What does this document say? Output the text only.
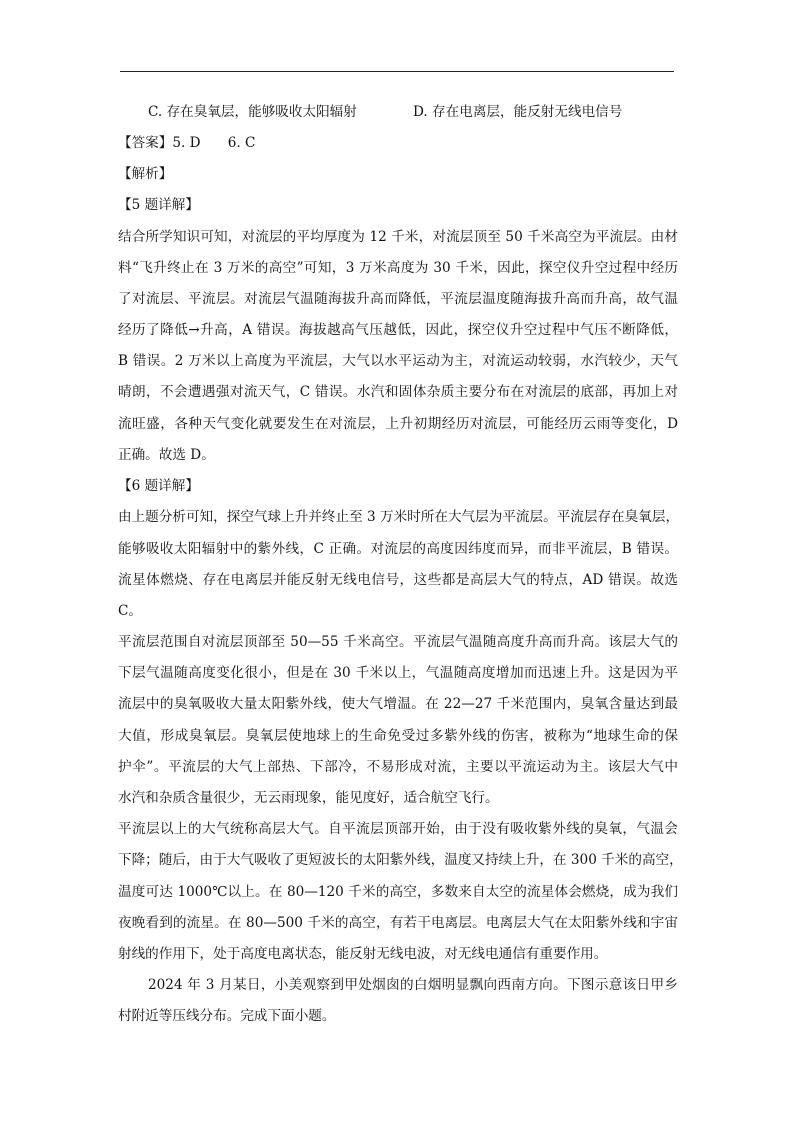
C. 存在臭氧层，能够吸收太阳辐射	D. 存在电离层，能反射无线电信号
【答案】5. D　　6. C
【解析】
【5 题详解】
结合所学知识可知，对流层的平均厚度为 12 千米，对流层顶至 50 千米高空为平流层。由材
料“飞升终止在 3 万米的高空”可知，3 万米高度为 30 千米，因此，探空仪升空过程中经历
了对流层、平流层。对流层气温随海拔升高而降低，平流层温度随海拔升高而升高，故气温
经历了降低→升高，A 错误。海拔越高气压越低，因此，探空仪升空过程中气压不断降低，
B 错误。2 万米以上高度为平流层，大气以水平运动为主，对流运动较弱，水汽较少，天气
晴朗，不会遭遇强对流天气，C 错误。水汽和固体杂质主要分布在对流层的底部，再加上对
流旺盛，各种天气变化就要发生在对流层，上升初期经历对流层，可能经历云雨等变化，D
正确。故选 D。
【6 题详解】
由上题分析可知，探空气球上升并终止至 3 万米时所在大气层为平流层。平流层存在臭氧层，
能够吸收太阳辐射中的紫外线，C 正确。对流层的高度因纬度而异，而非平流层，B 错误。
流星体燃烧、存在电离层并能反射无线电信号，这些都是高层大气的特点，AD 错误。故选
C。
平流层范围自对流层顶部至 50—55 千米高空。平流层气温随高度升高而升高。该层大气的
下层气温随高度变化很小，但是在 30 千米以上，气温随高度增加而迅速上升。这是因为平
流层中的臭氧吸收大量太阳紫外线，使大气增温。在 22—27 千米范围内，臭氧含量达到最
大值，形成臭氧层。臭氧层使地球上的生命免受过多紫外线的伤害，被称为“地球生命的保
护伞”。平流层的大气上部热、下部冷，不易形成对流，主要以平流运动为主。该层大气中
水汽和杂质含量很少，无云雨现象，能见度好，适合航空飞行。
平流层以上的大气统称高层大气。自平流层顶部开始，由于没有吸收紫外线的臭氧，气温会
下降；随后，由于大气吸收了更短波长的太阳紫外线，温度又持续上升，在 300 千米的高空，
温度可达 1000℃以上。在 80—120 千米的高空，多数来自太空的流星体会燃烧，成为我们
夜晚看到的流星。在 80—500 千米的高空，有若干电离层。电离层大气在太阳紫外线和宇宙
射线的作用下，处于高度电离状态，能反射无线电波，对无线电通信有重要作用。
2024 年 3 月某日，小美观察到甲处烟囱的白烟明显飘向西南方向。下图示意该日甲乡
村附近等压线分布。完成下面小题。
